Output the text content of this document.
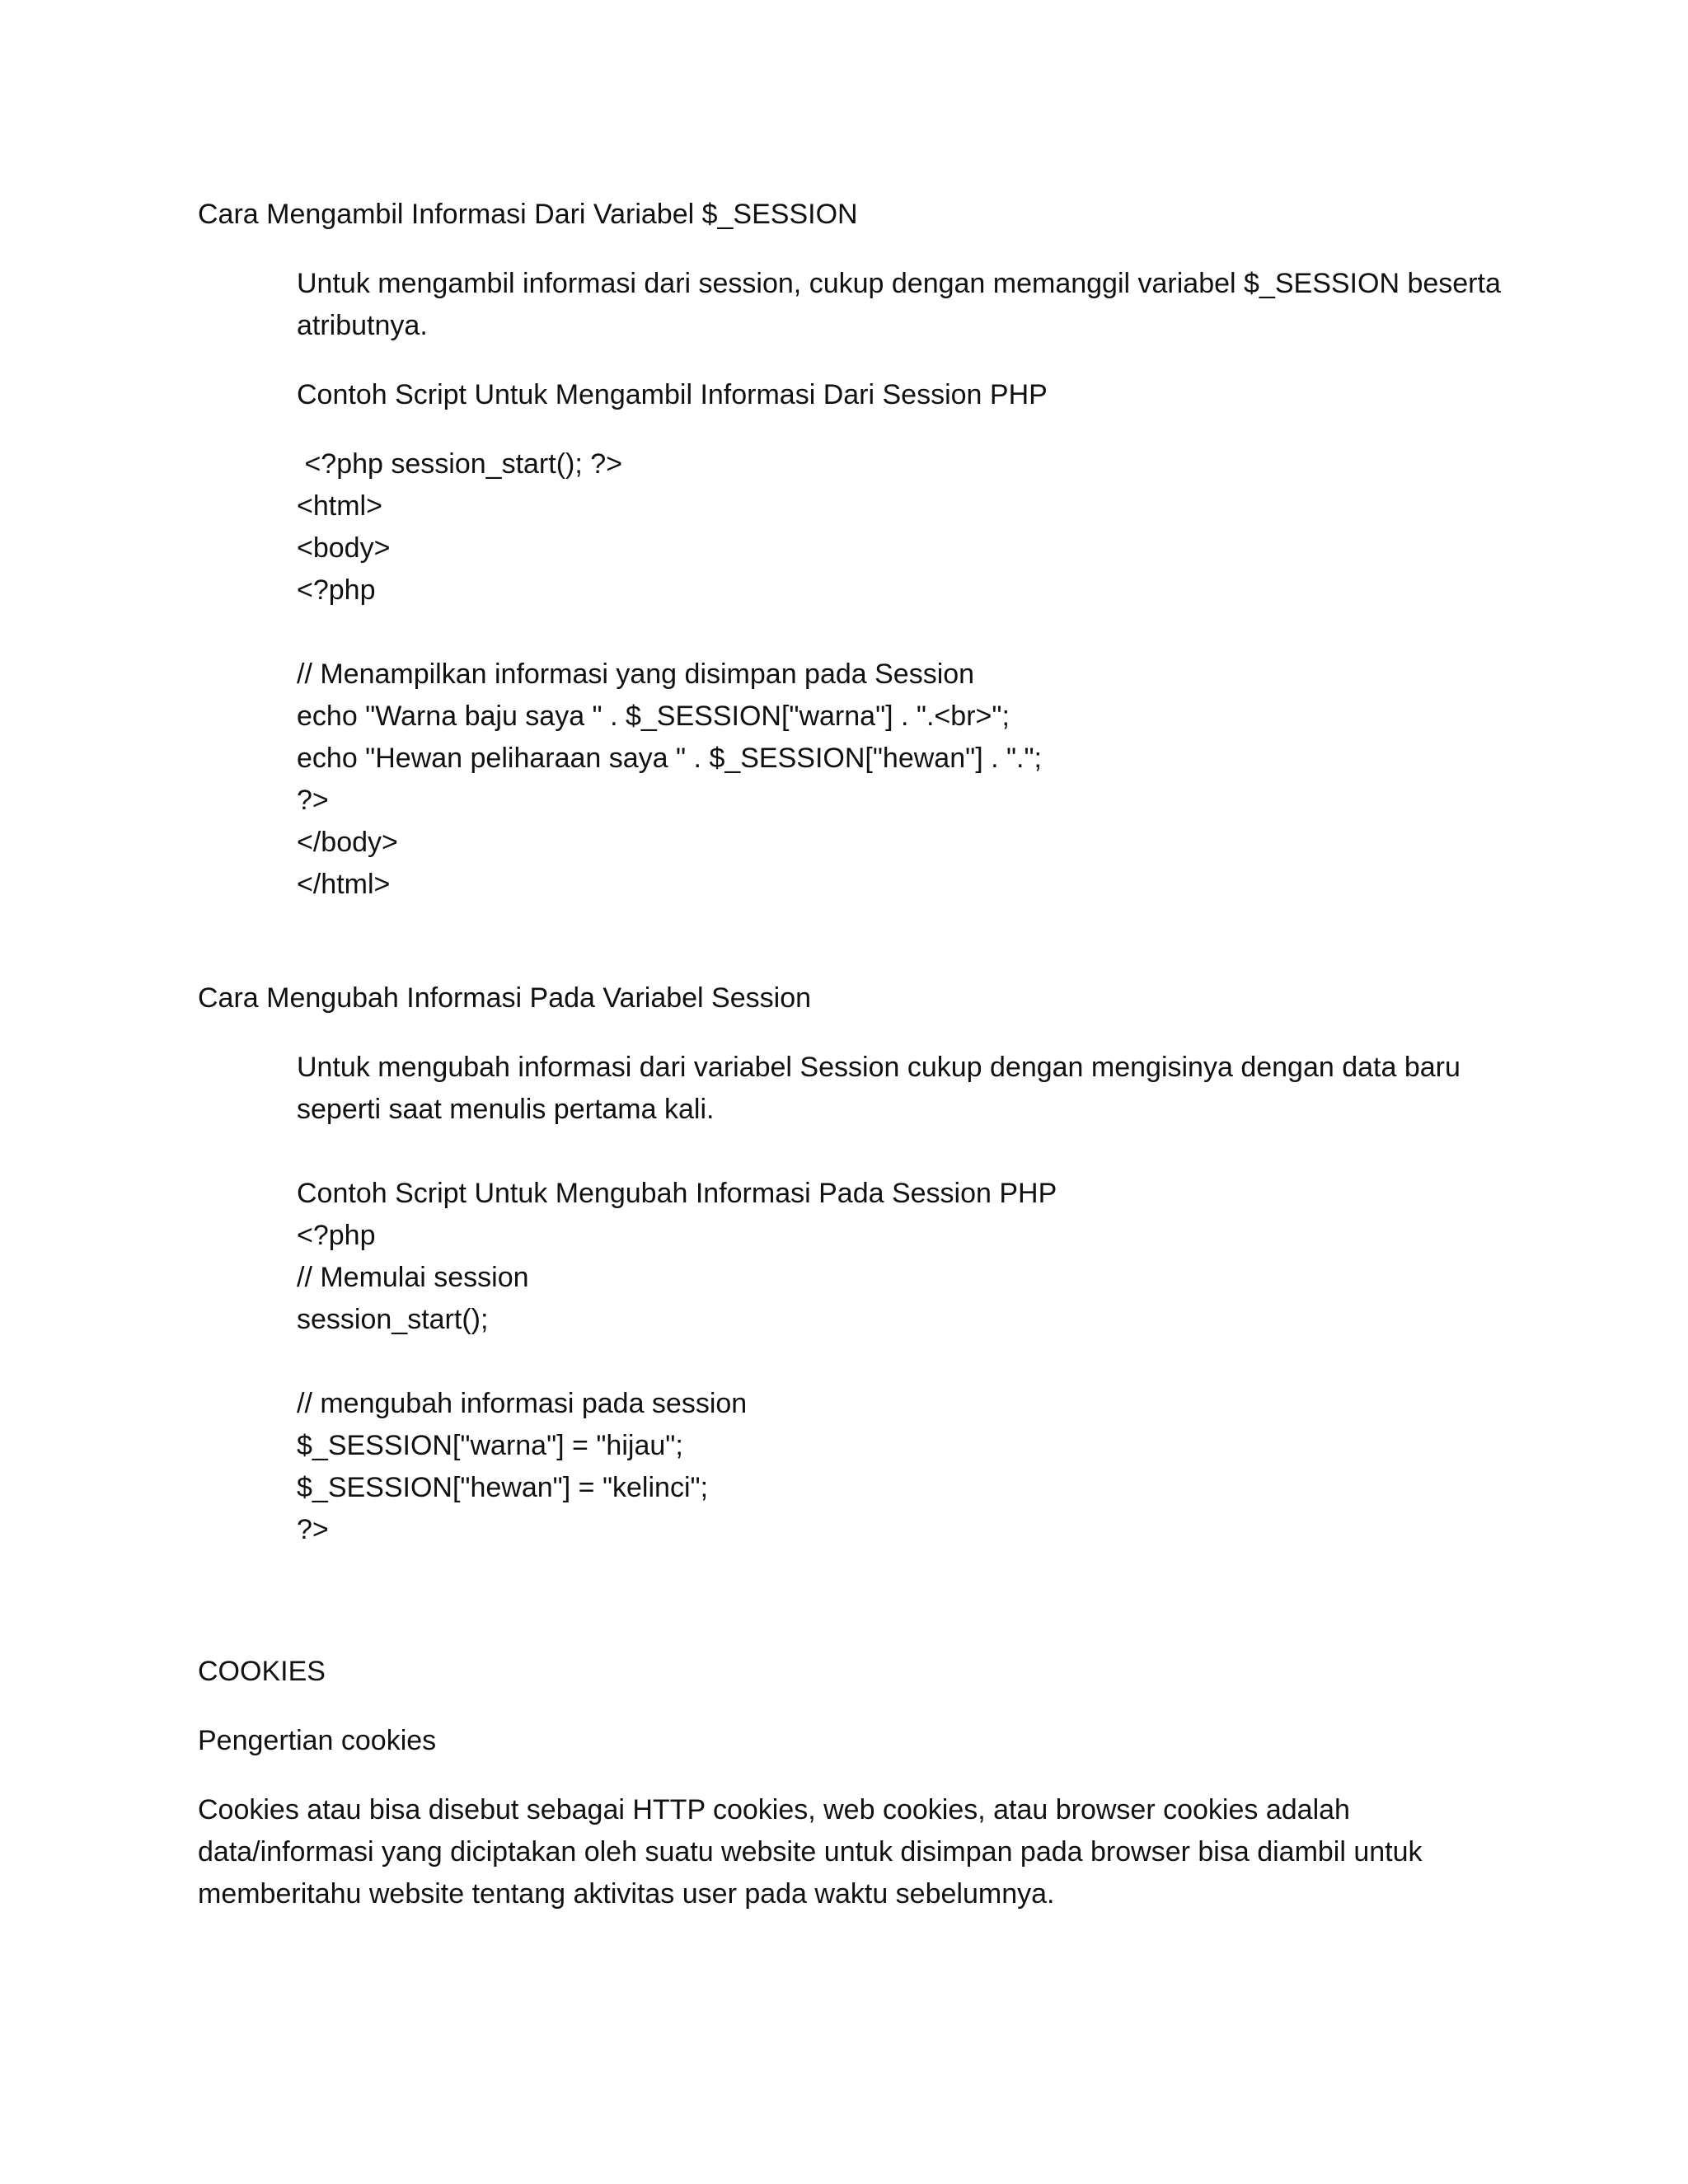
Cara Mengambil Informasi Dari Variabel $_SESSION
Untuk mengambil informasi dari session, cukup dengan memanggil variabel $_SESSION beserta
atributnya.
Contoh Script Untuk Mengambil Informasi Dari Session PHP
<?php session_start(); ?>
<html>
<body>
<?php
// Menampilkan informasi yang disimpan pada Session
echo "Warna baju saya " . $_SESSION["warna"] . ".<br>";
echo "Hewan peliharaan saya " . $_SESSION["hewan"] . ".";
?>
</body>
</html>
Cara Mengubah Informasi Pada Variabel Session
Untuk mengubah informasi dari variabel Session cukup dengan mengisinya dengan data baru
seperti saat menulis pertama kali.
Contoh Script Untuk Mengubah Informasi Pada Session PHP
<?php
// Memulai session
session_start();
// mengubah informasi pada session
$_SESSION["warna"] = "hijau";
$_SESSION["hewan"] = "kelinci";
?>
COOKIES
Pengertian cookies
Cookies atau bisa disebut sebagai HTTP cookies, web cookies, atau browser cookies adalah
data/informasi yang diciptakan oleh suatu website untuk disimpan pada browser bisa diambil untuk
memberitahu website tentang aktivitas user pada waktu sebelumnya.
